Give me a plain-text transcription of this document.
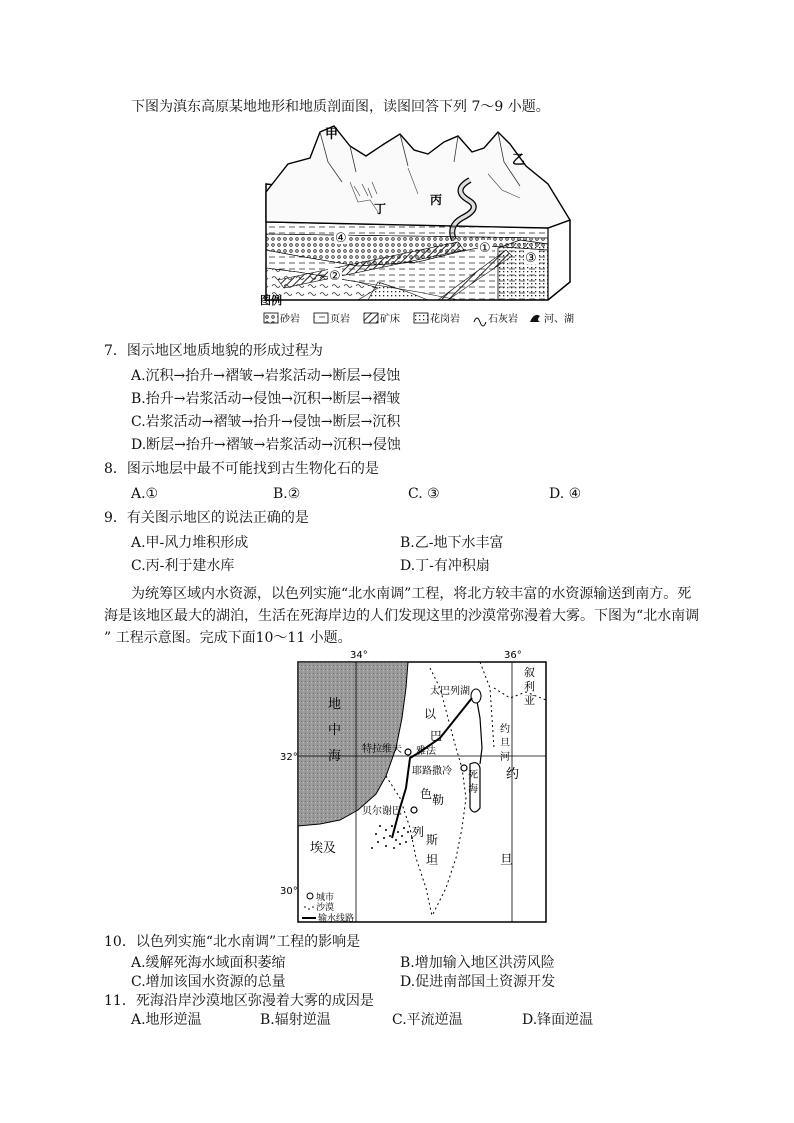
下图为滇东高原某地地形和地质剖面图，读图回答下列 7～9 小题。
甲
乙
丙
丁
①
②
③
④
图例
砂岩	页岩	矿床	花岗岩	石灰岩	河、湖
7．图示地区地质地貌的形成过程为
A.沉积→抬升→褶皱→岩浆活动→断层→侵蚀
B.抬升→岩浆活动→侵蚀→沉积→断层→褶皱
C.岩浆活动→褶皱→抬升→侵蚀→断层→沉积
D.断层→抬升→褶皱→岩浆活动→沉积→侵蚀
8．图示地层中最不可能找到古生物化石的是
A.①	B.②	C. ③	D. ④
9．有关图示地区的说法正确的是
A.甲-风力堆积形成	B.乙-地下水丰富
C.丙-利于建水库	D.丁-有冲积扇
为统筹区域内水资源，以色列实施“北水南调”工程，将北方较丰富的水资源输送到南方。死
海是该地区最大的湖泊，生活在死海岸边的人们发现这里的沙漠常弥漫着大雾。下图为“北水南调
” 工程示意图。完成下面10～11 小题。
34°	36°
32°
30°
地
中
海
叙
利
亚
太巴列湖
约
旦
河
以
巴
色
列
特拉维夫 雅法
耶路撒冷
勒
死
海
贝尔谢巴
斯
坦
约
旦
埃及
城市
沙漠
输水线路
10．以色列实施“北水南调”工程的影响是
A.缓解死海水域面积萎缩	B.增加输入地区洪涝风险
C.增加该国水资源的总量	D.促进南部国土资源开发
11．死海沿岸沙漠地区弥漫着大雾的成因是
A.地形逆温	B.辐射逆温	C.平流逆温	D.锋面逆温
